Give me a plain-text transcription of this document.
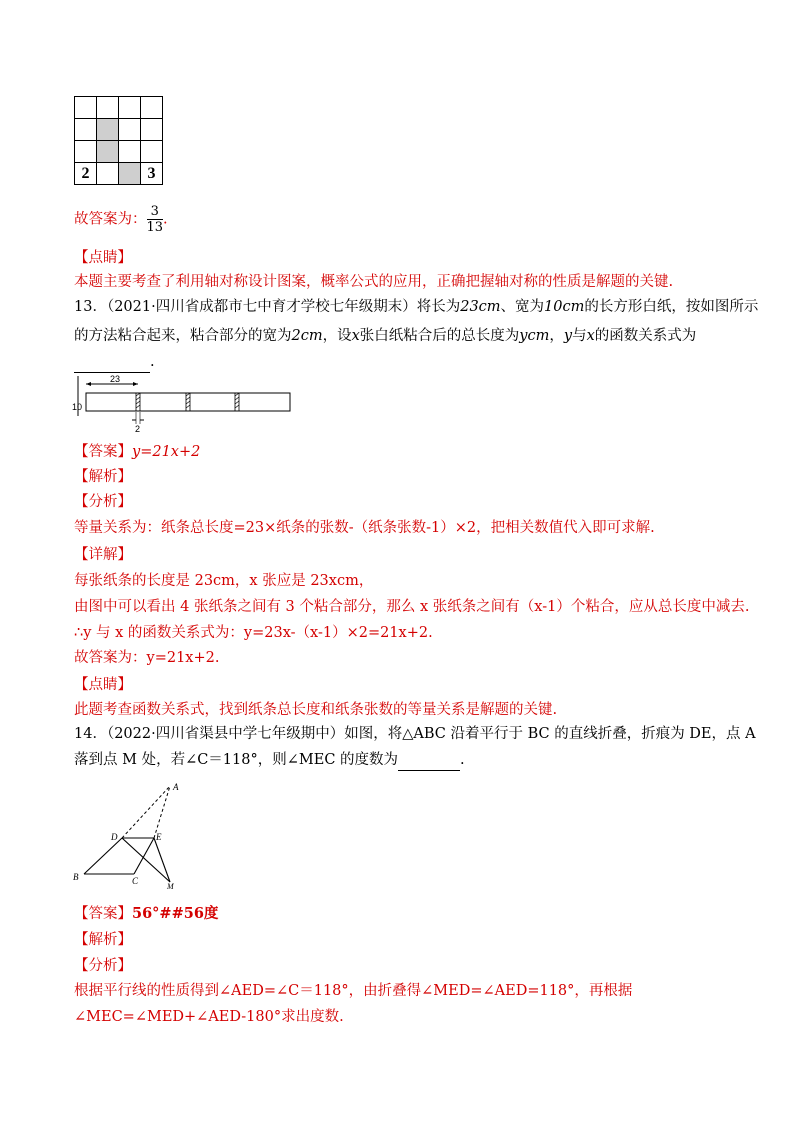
2			3
故答案为： $\frac{3}{13}$ .
【点睛】
本题主要考查了利用轴对称设计图案，概率公式的应用，正确把握轴对称的性质是解题的关键.
13．（2021·四川省成都市七中育才学校七年级期末）将长为23cm、宽为10cm的长方形白纸，按如图所示
的方法粘合起来，粘合部分的宽为2cm，设x张白纸粘合后的总长度为ycm，y与x的函数关系式为
.
23
10
2
【答案】y=21x+2
【解析】
【分析】
等量关系为：纸条总长度=23×纸条的张数-（纸条张数-1）×2，把相关数值代入即可求解.
【详解】
每张纸条的长度是 23cm，x 张应是 23xcm，
由图中可以看出 4 张纸条之间有 3 个粘合部分，那么 x 张纸条之间有（x-1）个粘合，应从总长度中减去.
∴y 与 x 的函数关系式为：y=23x-（x-1）×2=21x+2.
故答案为：y=21x+2.
【点睛】
此题考查函数关系式，找到纸条总长度和纸条张数的等量关系是解题的关键.
14．（2022·四川省渠县中学七年级期中）如图，将△ABC 沿着平行于 BC 的直线折叠，折痕为 DE，点 A
落到点 M 处，若∠C＝118°，则∠MEC 的度数为	.
A
D	E
B	C
M
【答案】56°##56度
【解析】
【分析】
根据平行线的性质得到∠AED=∠C＝118°，由折叠得∠MED=∠AED=118°，再根据
∠MEC=∠MED+∠AED-180°求出度数.
